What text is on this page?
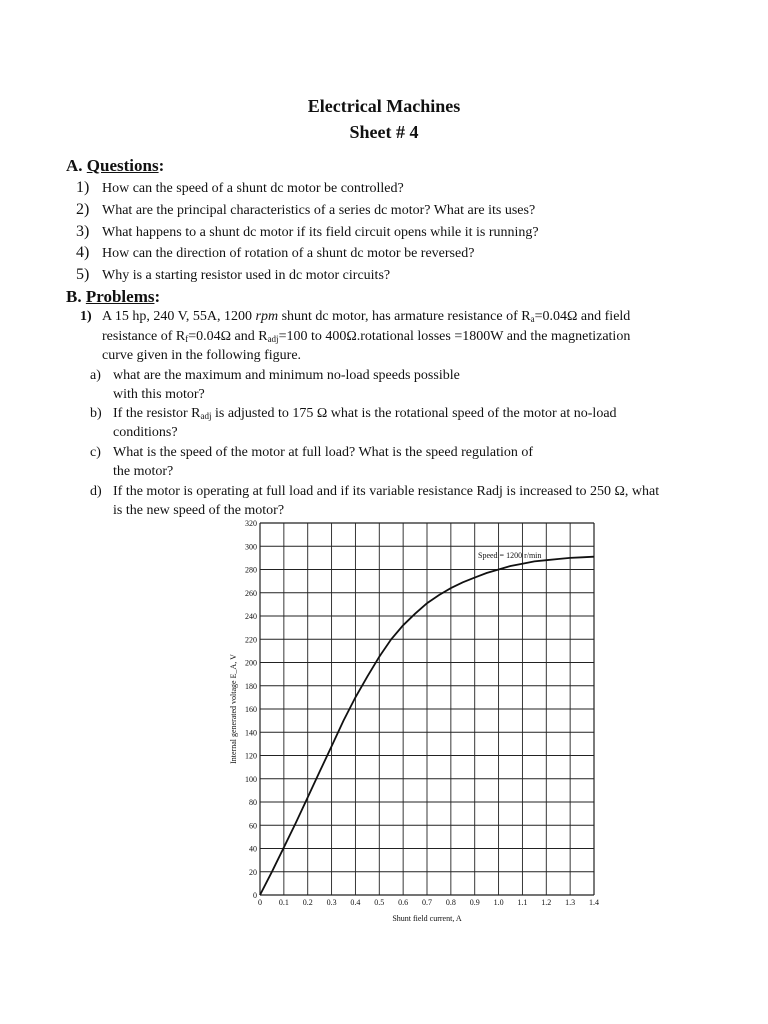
Electrical Machines
Sheet # 4
A. Questions:
1) How can the speed of a shunt dc motor be controlled?
2) What are the principal characteristics of a series dc motor? What are its uses?
3) What happens to a shunt dc motor if its field circuit opens while it is running?
4) How can the direction of rotation of a shunt dc motor be reversed?
5) Why is a starting resistor used in dc motor circuits?
B. Problems:
1) A 15 hp, 240 V, 55A, 1200 rpm shunt dc motor, has armature resistance of $R_a=0.04\Omega$ and field
resistance of $R_f=0.04\Omega$ and $R_{adj}=100$ to 400Ω.rotational losses =1800W and the magnetization
curve given in the following figure.
a) what are the maximum and minimum no-load speeds possible
with this motor?
b) If the resistor $R_{adj}$ is adjusted to 175 Ω what is the rotational speed of the motor at no-load
conditions?
c) What is the speed of the motor at full load? What is the speed regulation of
the motor?
d) If the motor is operating at full load and if its variable resistance Radj is increased to 250 Ω, what
is the new speed of the motor?
0 0.1 0.2 0.3 0.4 0.5 0.6 0.7 0.8 0.9 1.0 1.1 1.2 1.3 1.4
0
20
40
60
80
100
120
140
160
180
200
220
240
260
280
300
320
Speed = 1200 r/min
Shunt field current, A
Internal generated voltage E_A, V
